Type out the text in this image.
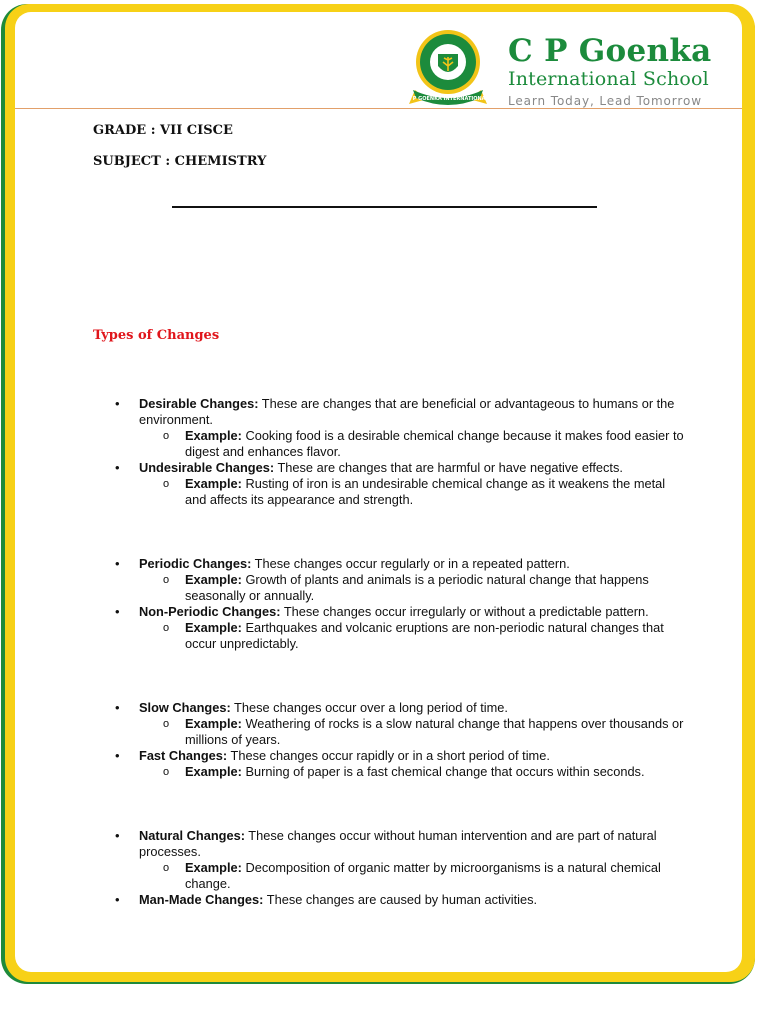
C P GOENKA INTERNATIONAL
C P Goenka
International School
Learn Today, Lead Tomorrow

GRADE : VII CISCE

SUBJECT : CHEMISTRY

Types of Changes
• Desirable Changes: These are changes that are beneficial or advantageous to humans or the environment.
o Example: Cooking food is a desirable chemical change because it makes food easier to digest and enhances flavor.
• Undesirable Changes: These are changes that are harmful or have negative effects.
o Example: Rusting of iron is an undesirable chemical change as it weakens the metal and affects its appearance and strength.
• Periodic Changes: These changes occur regularly or in a repeated pattern.
o Example: Growth of plants and animals is a periodic natural change that happens seasonally or annually.
• Non-Periodic Changes: These changes occur irregularly or without a predictable pattern.
o Example: Earthquakes and volcanic eruptions are non-periodic natural changes that occur unpredictably.
• Slow Changes: These changes occur over a long period of time.
o Example: Weathering of rocks is a slow natural change that happens over thousands or millions of years.
• Fast Changes: These changes occur rapidly or in a short period of time.
o Example: Burning of paper is a fast chemical change that occurs within seconds.
• Natural Changes: These changes occur without human intervention and are part of natural processes.
o Example: Decomposition of organic matter by microorganisms is a natural chemical change.
• Man-Made Changes: These changes are caused by human activities.
